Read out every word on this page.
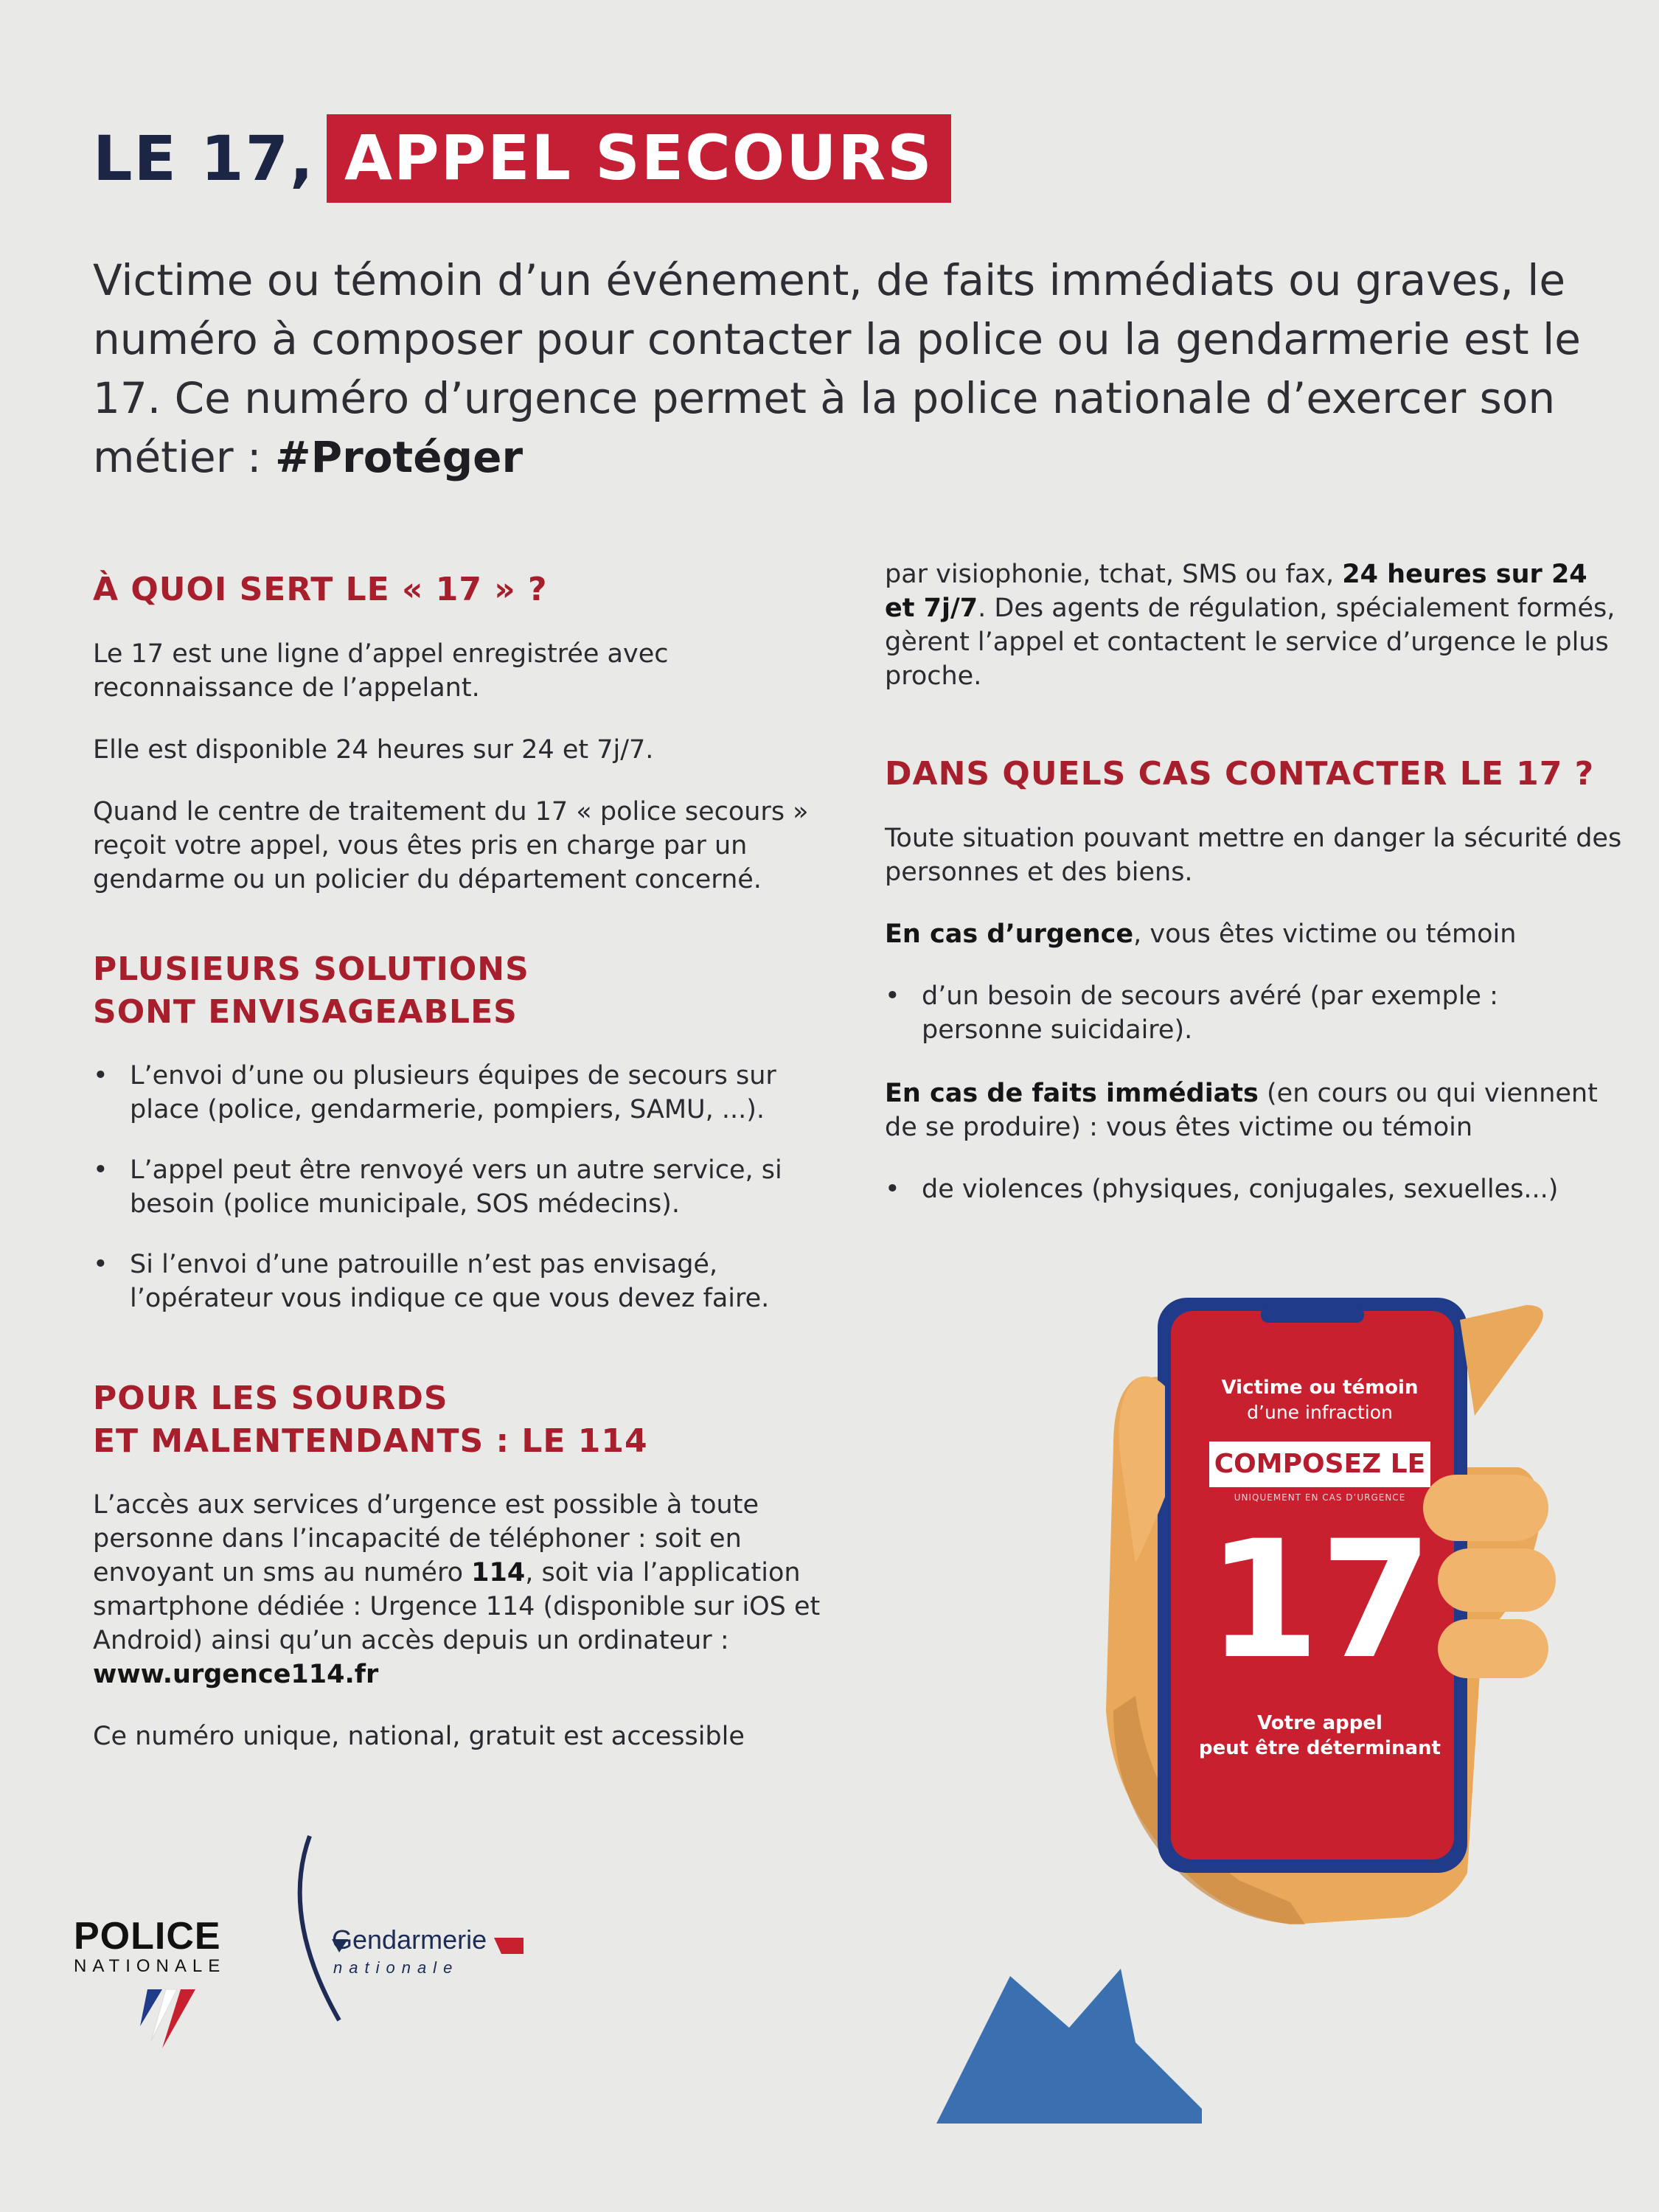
LE 17, APPEL SECOURS

Victime ou témoin d’un événement, de faits immédiats ou graves, le numéro à composer pour contacter la police ou la gendarmerie est le 17. Ce numéro d’urgence permet à la police nationale d’exercer son métier : #Protéger

À QUOI SERT LE « 17 » ?

Le 17 est une ligne d’appel enregistrée avec reconnaissance de l’appelant.

Elle est disponible 24 heures sur 24 et 7j/7.

Quand le centre de traitement du 17 « police secours » reçoit votre appel, vous êtes pris en charge par un gendarme ou un policier du département concerné.

PLUSIEURS SOLUTIONS
SONT ENVISAGEABLES
• L’envoi d’une ou plusieurs équipes de secours sur place (police, gendarmerie, pompiers, SAMU, ...).
• L’appel peut être renvoyé vers un autre service, si besoin (police municipale, SOS médecins).
• Si l’envoi d’une patrouille n’est pas envisagé, l’opérateur vous indique ce que vous devez faire.
POUR LES SOURDS
ET MALENTENDANTS : LE 114

L’accès aux services d’urgence est possible à toute personne dans l’incapacité de téléphoner : soit en envoyant un sms au numéro 114, soit via l’application smartphone dédiée : Urgence 114 (disponible sur iOS et Android) ainsi qu’un accès depuis un ordinateur : www.urgence114.fr

Ce numéro unique, national, gratuit est accessible

par visiophonie, tchat, SMS ou fax, 24 heures sur 24 et 7j/7. Des agents de régulation, spécialement formés, gèrent l’appel et contactent le service d’urgence le plus proche.

DANS QUELS CAS CONTACTER LE 17 ?

Toute situation pouvant mettre en danger la sécurité des personnes et des biens.

En cas d’urgence, vous êtes victime ou témoin

• d’un besoin de secours avéré (par exemple : personne suicidaire).

En cas de faits immédiats (en cours ou qui viennent de se produire) : vous êtes victime ou témoin

• de violences (physiques, conjugales, sexuelles...)
Victime ou témoin
d’une infraction
COMPOSEZ LE
UNIQUEMENT EN CAS D’URGENCE
17
Votre appel
peut être déterminant
POLICE
NATIONALE
Gendarmerie
nationale
